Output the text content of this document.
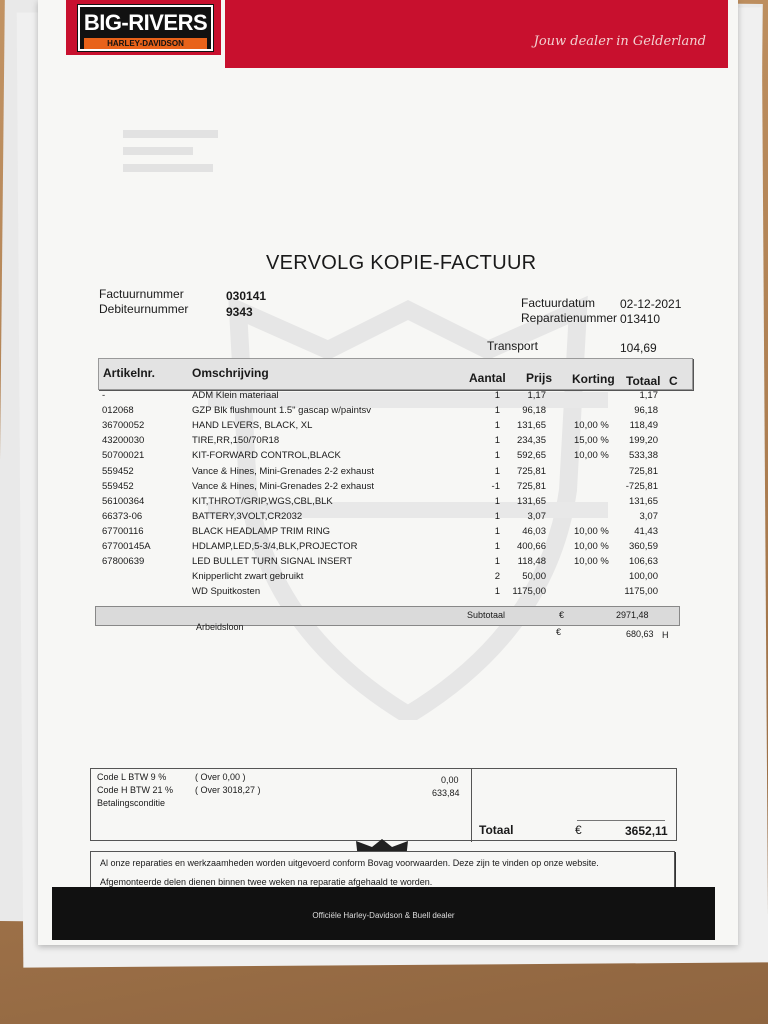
BIG-RIVERS
HARLEY-DAVIDSON	Jouw dealer in Gelderland
VERVOLG KOPIE-FACTUUR
Factuurnummer	030141
Debiteurnummer	9343
Factuurdatum 02-12-2021
Reparatienummer 013410
Transport	104,69
Artikelnr.	Omschrijving	Aantal Prijs Korting Totaal C
-	ADM Klein materiaal	1	1,17	1,17
012068	GZP Blk flushmount 1.5" gascap w/paintsv	1	96,18	96,18
36700052	HAND LEVERS, BLACK, XL	1	131,65	10,00 %	118,49
43200030	TIRE,RR,150/70R18	1	234,35	15,00 %	199,20
50700021	KIT-FORWARD CONTROL,BLACK	1	592,65	10,00 %	533,38
559452	Vance & Hines, Mini-Grenades 2-2 exhaust	1	725,81	725,81
559452	Vance & Hines, Mini-Grenades 2-2 exhaust	-1	725,81	-725,81
56100364	KIT,THROT/GRIP,WGS,CBL,BLK	1	131,65	131,65
66373-06	BATTERY,3VOLT,CR2032	1	3,07	3,07
67700116	BLACK HEADLAMP TRIM RING	1	46,03	10,00 %	41,43
67700145A	HDLAMP,LED,5-3/4,BLK,PROJECTOR	1	400,66	10,00 %	360,59
67800639	LED BULLET TURN SIGNAL INSERT	1	118,48	10,00 %	106,63
Knipperlicht zwart gebruikt	2	50,00	100,00
WD Spuitkosten	1	1175,00	1175,00
Subtotaal	€	2971,48
Arbeidsloon	€	680,63 H
Code L BTW 9 %	( Over 0,00 )	0,00
Code H BTW 21 % ( Over 3018,27 )	633,84
Betalingsconditie
Totaal	€	3652,11
Al onze reparaties en werkzaamheden worden uitgevoerd conform Bovag voorwaarden. Deze zijn te vinden op onze website.
Afgemonteerde delen dienen binnen twee weken na reparatie afgehaald te worden.
Officiële Harley-Davidson & Buell dealer
